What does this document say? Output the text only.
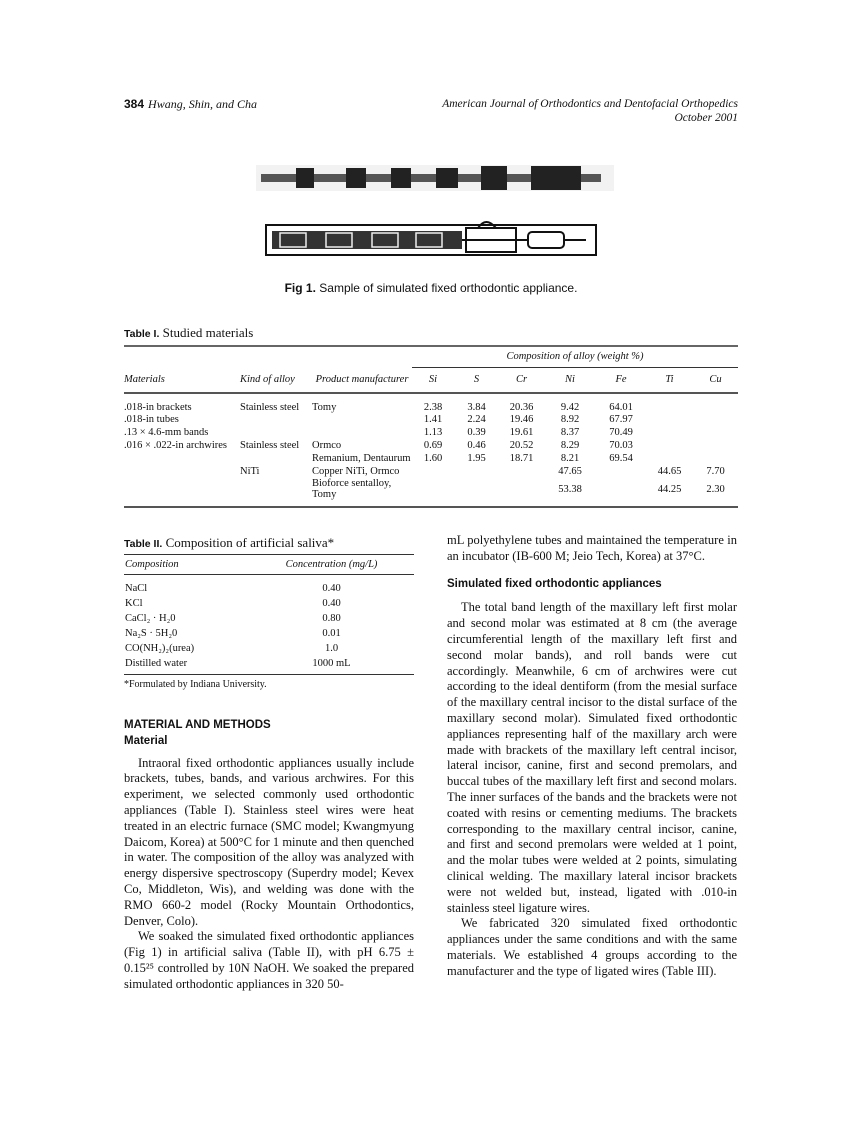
384 Hwang, Shin, and Cha	American Journal of Orthodontics and Dentofacial Orthopedics
October 2001
Fig 1. Sample of simulated fixed orthodontic appliance.
Table I. Studied materials
			Composition of alloy (weight %)						
Materials	Kind of alloy	Product manufacturer	Si	S	Cr	Ni	Fe	Ti	Cu
.018-in brackets	Stainless steel	Tomy	2.38	3.84	20.36	9.42	64.01		
.018-in tubes			1.41	2.24	19.46	8.92	67.97		
.13 × 4.6-mm bands			1.13	0.39	19.61	8.37	70.49		
.016 × .022-in archwires	Stainless steel	Ormco	0.69	0.46	20.52	8.29	70.03		
		Remanium, Dentaurum	1.60	1.95	18.71	8.21	69.54		
	NiTi	Copper NiTi, Ormco				47.65		44.65	7.70
		Bioforce sentalloy, Tomy				53.38		44.25	2.30
Table II. Composition of artificial saliva*
Composition	Concentration (mg/L)
NaCl	0.40
KCl	0.40
CaCl₂ · H₂0	0.80
Na₂S · 5H₂0	0.01
CO(NH₂)₂(urea)	1.0
Distilled water	1000 mL
*Formulated by Indiana University.
MATERIAL AND METHODS
Material

Intraoral fixed orthodontic appliances usually include brackets, tubes, bands, and various archwires. For this experiment, we selected commonly used orthodontic appliances (Table I). Stainless steel wires were heat treated in an electric furnace (SMC model; Kwangmyung Daicom, Korea) at 500°C for 1 minute and then quenched in water. The composition of the alloy was analyzed with energy dispersive spectroscopy (Superdry model; Kevex Co, Middleton, Wis), and welding was done with the RMO 660-2 model (Rocky Mountain Orthodontics, Denver, Colo).

We soaked the simulated fixed orthodontic appliances (Fig 1) in artificial saliva (Table II), with pH 6.75 ± 0.15²⁵ controlled by 10N NaOH. We soaked the prepared simulated orthodontic appliances in 320 50-

mL polyethylene tubes and maintained the temperature in an incubator (IB-600 M; Jeio Tech, Korea) at 37°C.

Simulated fixed orthodontic appliances

The total band length of the maxillary left first molar and second molar was estimated at 8 cm (the average circumferential length of the maxillary left first and second molar bands), and roll bands were cut accordingly. Meanwhile, 6 cm of archwires were cut according to the ideal dentiform (from the mesial surface of the maxillary central incisor to the distal surface of the maxillary second molar). Simulated fixed orthodontic appliances representing half of the maxillary arch were made with brackets of the maxillary left central incisor, lateral incisor, canine, first and second premolars, and buccal tubes of the maxillary left first and second molars. The inner surfaces of the bands and the brackets were not coated with resins or cementing mediums. The brackets corresponding to the maxillary central incisor, canine, and first and second premolars were welded at 1 point, and the molar tubes were welded at 2 points, simulating clinical welding. The maxillary lateral incisor brackets were not welded but, instead, ligated with .010-in stainless steel ligature wires.

We fabricated 320 simulated fixed orthodontic appliances under the same conditions and with the same materials. We established 4 groups according to the manufacturer and the type of ligated wires (Table III).
